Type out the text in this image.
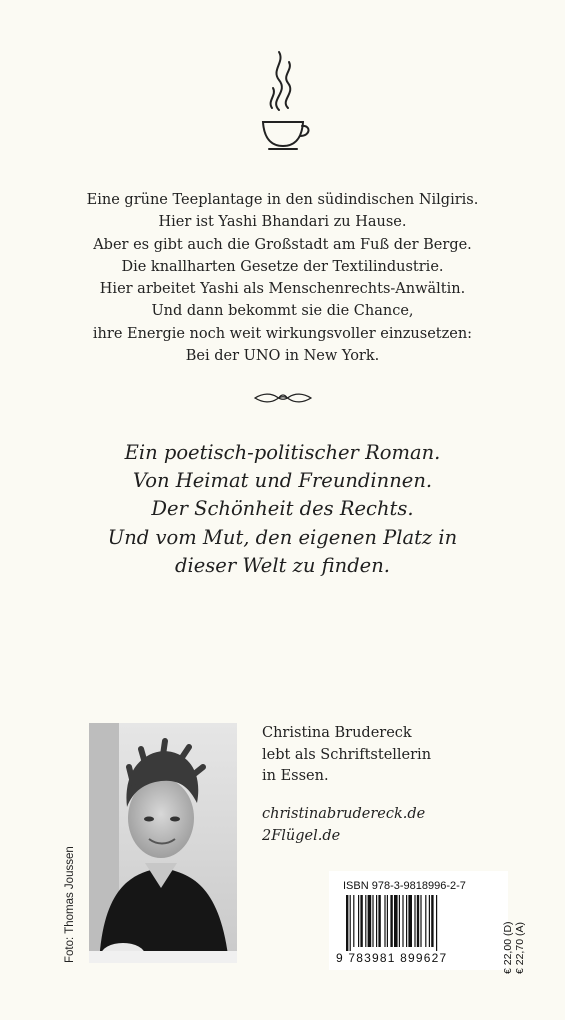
Eine grüne Teeplantage in den südindischen Nilgiris.
Hier ist Yashi Bhandari zu Hause.
Aber es gibt auch die Großstadt am Fuß der Berge.
Die knallharten Gesetze der Textilindustrie.
Hier arbeitet Yashi als Menschenrechts-Anwältin.
Und dann bekommt sie die Chance,
ihre Energie noch weit wirkungsvoller einzusetzen:
Bei der UNO in New York.
Ein poetisch-politischer Roman.
Von Heimat und Freundinnen.
Der Schönheit des Rechts.
Und vom Mut, den eigenen Platz in
dieser Welt zu finden.
Foto: Thomas Joussen
Christina Brudereck
lebt als Schriftstellerin
in Essen.
christinabrudereck.de
2Flügel.de
ISBN 978-3-9818996-2-7
9 783981 899627	€ 22,00 (D) € 22,70 (A)
